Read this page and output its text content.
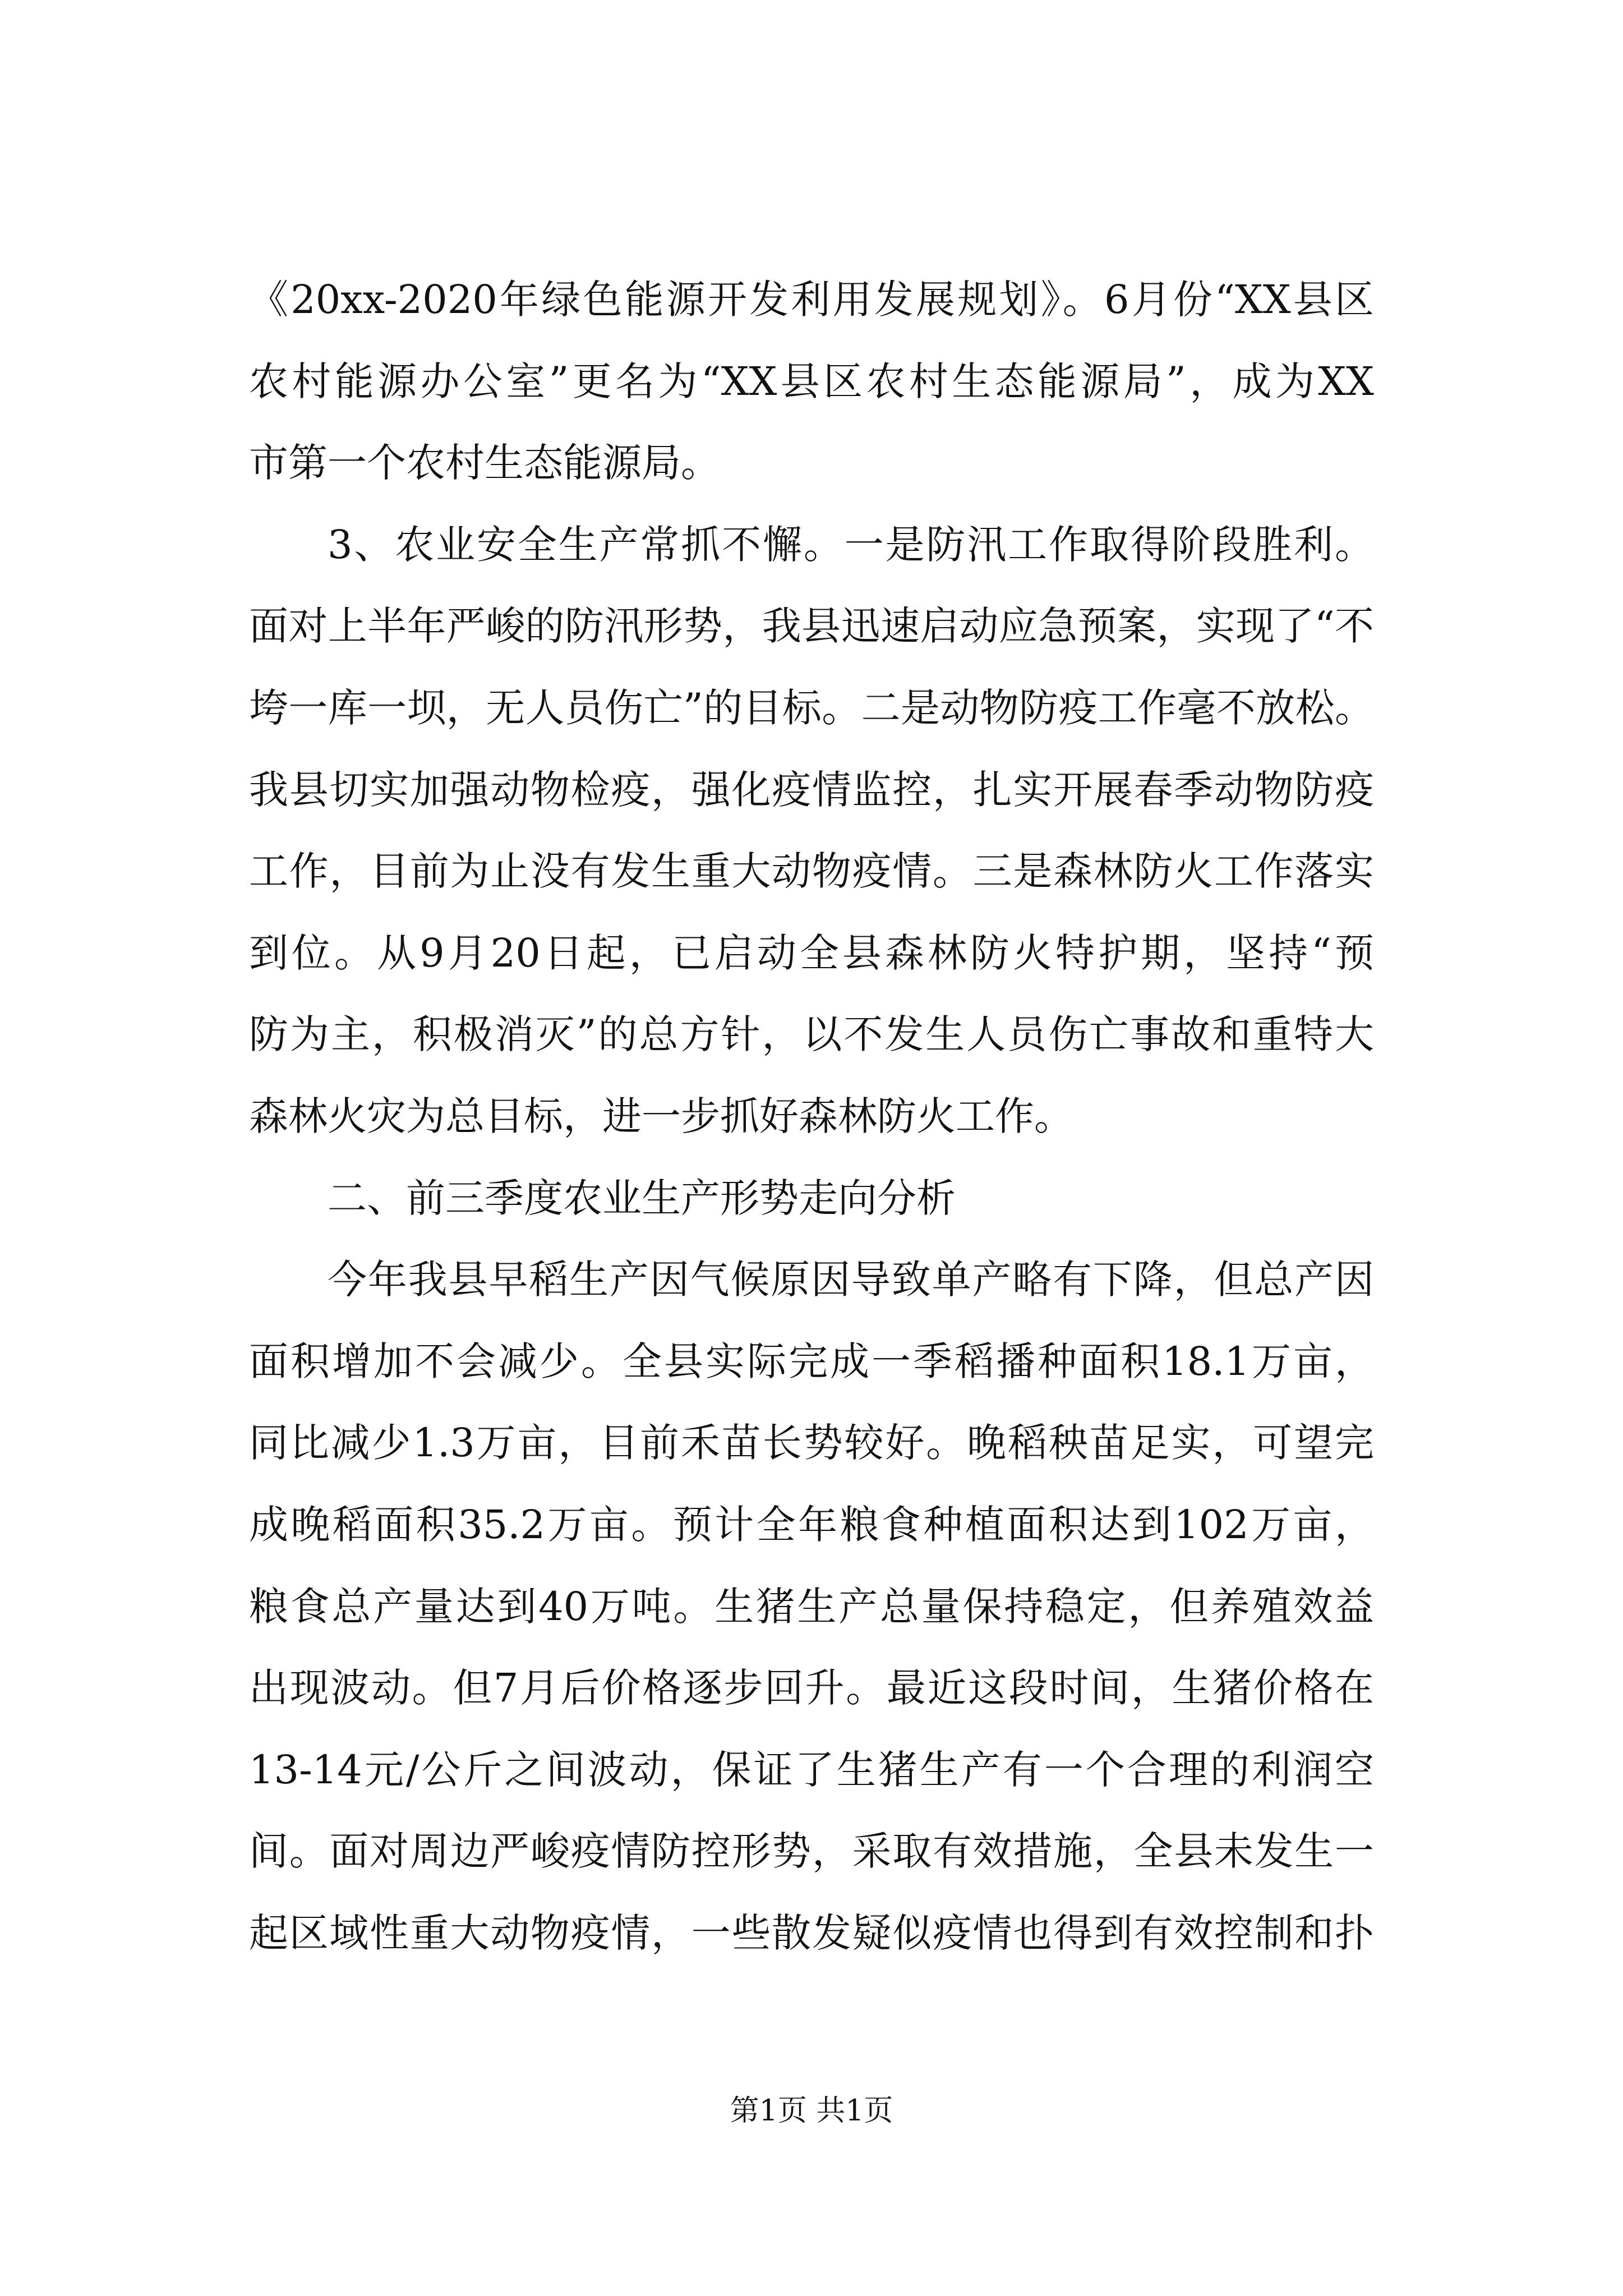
《20xx-2020年绿色能源开发利用发展规划》。6月份“XX县区
农村能源办公室”更名为“XX县区农村生态能源局”，成为XX
市第一个农村生态能源局。
3、农业安全生产常抓不懈。一是防汛工作取得阶段胜利。
面对上半年严峻的防汛形势，我县迅速启动应急预案，实现了“不
垮一库一坝，无人员伤亡”的目标。二是动物防疫工作毫不放松。
我县切实加强动物检疫，强化疫情监控，扎实开展春季动物防疫
工作，目前为止没有发生重大动物疫情。三是森林防火工作落实
到位。从9月20日起，已启动全县森林防火特护期，坚持“预
防为主，积极消灭”的总方针，以不发生人员伤亡事故和重特大
森林火灾为总目标，进一步抓好森林防火工作。
二、前三季度农业生产形势走向分析
今年我县早稻生产因气候原因导致单产略有下降，但总产因
面积增加不会减少。全县实际完成一季稻播种面积18.1万亩，
同比减少1.3万亩，目前禾苗长势较好。晚稻秧苗足实，可望完
成晚稻面积35.2万亩。预计全年粮食种植面积达到102万亩，
粮食总产量达到40万吨。生猪生产总量保持稳定，但养殖效益
出现波动。但7月后价格逐步回升。最近这段时间，生猪价格在
13-14元/公斤之间波动，保证了生猪生产有一个合理的利润空
间。面对周边严峻疫情防控形势，采取有效措施，全县未发生一
起区域性重大动物疫情，一些散发疑似疫情也得到有效控制和扑
第1页 共1页
